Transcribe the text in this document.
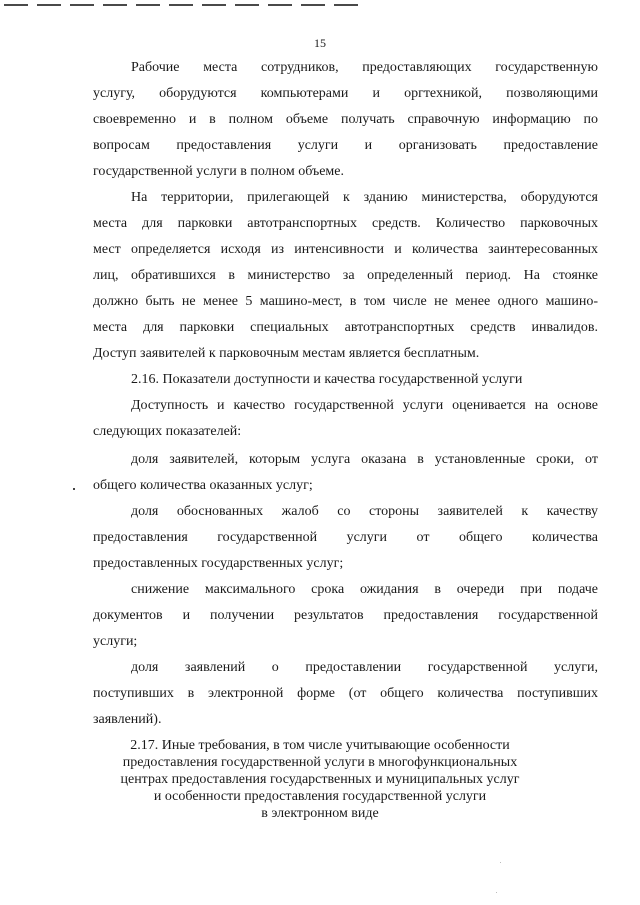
15
Рабочие места сотрудников, предоставляющих государственную
услугу, оборудуются компьютерами и оргтехникой, позволяющими
своевременно и в полном объеме получать справочную информацию по
вопросам предоставления услуги и организовать предоставление
государственной услуги в полном объеме.
На территории, прилегающей к зданию министерства, оборудуются
места для парковки автотранспортных средств. Количество парковочных
мест определяется исходя из интенсивности и количества заинтересованных
лиц, обратившихся в министерство за определенный период. На стоянке
должно быть не менее 5 машино-мест, в том числе не менее одного машино-
места для парковки специальных автотранспортных средств инвалидов.
Доступ заявителей к парковочным местам является бесплатным.
2.16. Показатели доступности и качества государственной услуги
Доступность и качество государственной услуги оценивается на основе
следующих показателей:
доля заявителей, которым услуга оказана в установленные сроки, от
общего количества оказанных услуг;
доля обоснованных жалоб со стороны заявителей к качеству
предоставления государственной услуги от общего количества
предоставленных государственных услуг;
снижение максимального срока ожидания в очереди при подаче
документов и получении результатов предоставления государственной
услуги;
доля заявлений о предоставлении государственной услуги,
поступивших в электронной форме (от общего количества поступивших
заявлений).
2.17. Иные требования, в том числе учитывающие особенности
предоставления государственной услуги в многофункциональных
центрах предоставления государственных и муниципальных услуг
и особенности предоставления государственной услуги
в электронном виде
